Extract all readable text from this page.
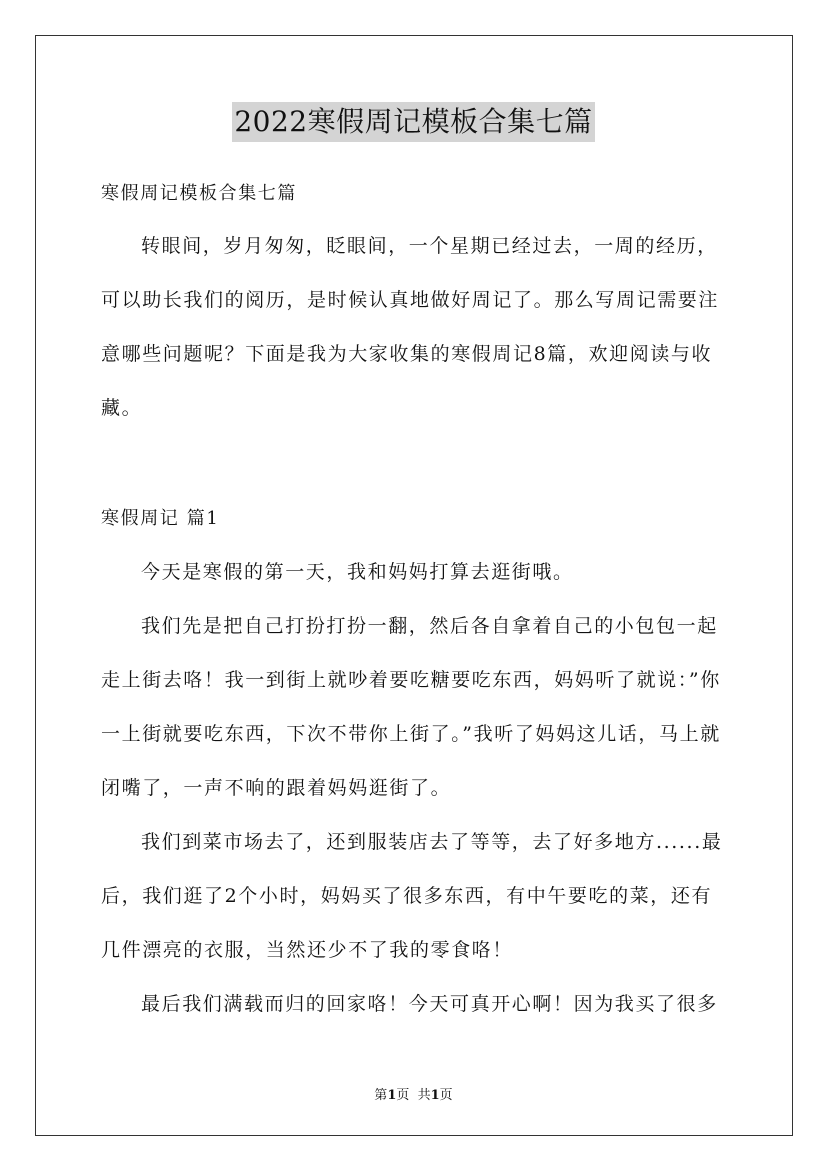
2022寒假周记模板合集七篇

寒假周记模板合集七篇

转眼间，岁月匆匆，眨眼间，一个星期已经过去，一周的经历，可以助长我们的阅历，是时候认真地做好周记了。那么写周记需要注意哪些问题呢？下面是我为大家收集的寒假周记8篇，欢迎阅读与收藏。

寒假周记 篇1

今天是寒假的第一天，我和妈妈打算去逛街哦。

我们先是把自己打扮打扮一翻，然后各自拿着自己的小包包一起走上街去咯！我一到街上就吵着要吃糖要吃东西，妈妈听了就说：”你一上街就要吃东西，下次不带你上街了。”我听了妈妈这儿话，马上就闭嘴了，一声不响的跟着妈妈逛街了。

我们到菜市场去了，还到服装店去了等等，去了好多地方......最后，我们逛了2个小时，妈妈买了很多东西，有中午要吃的菜，还有几件漂亮的衣服，当然还少不了我的零食咯！

最后我们满载而归的回家咯！今天可真开心啊！因为我买了很多

第1页  共1页
